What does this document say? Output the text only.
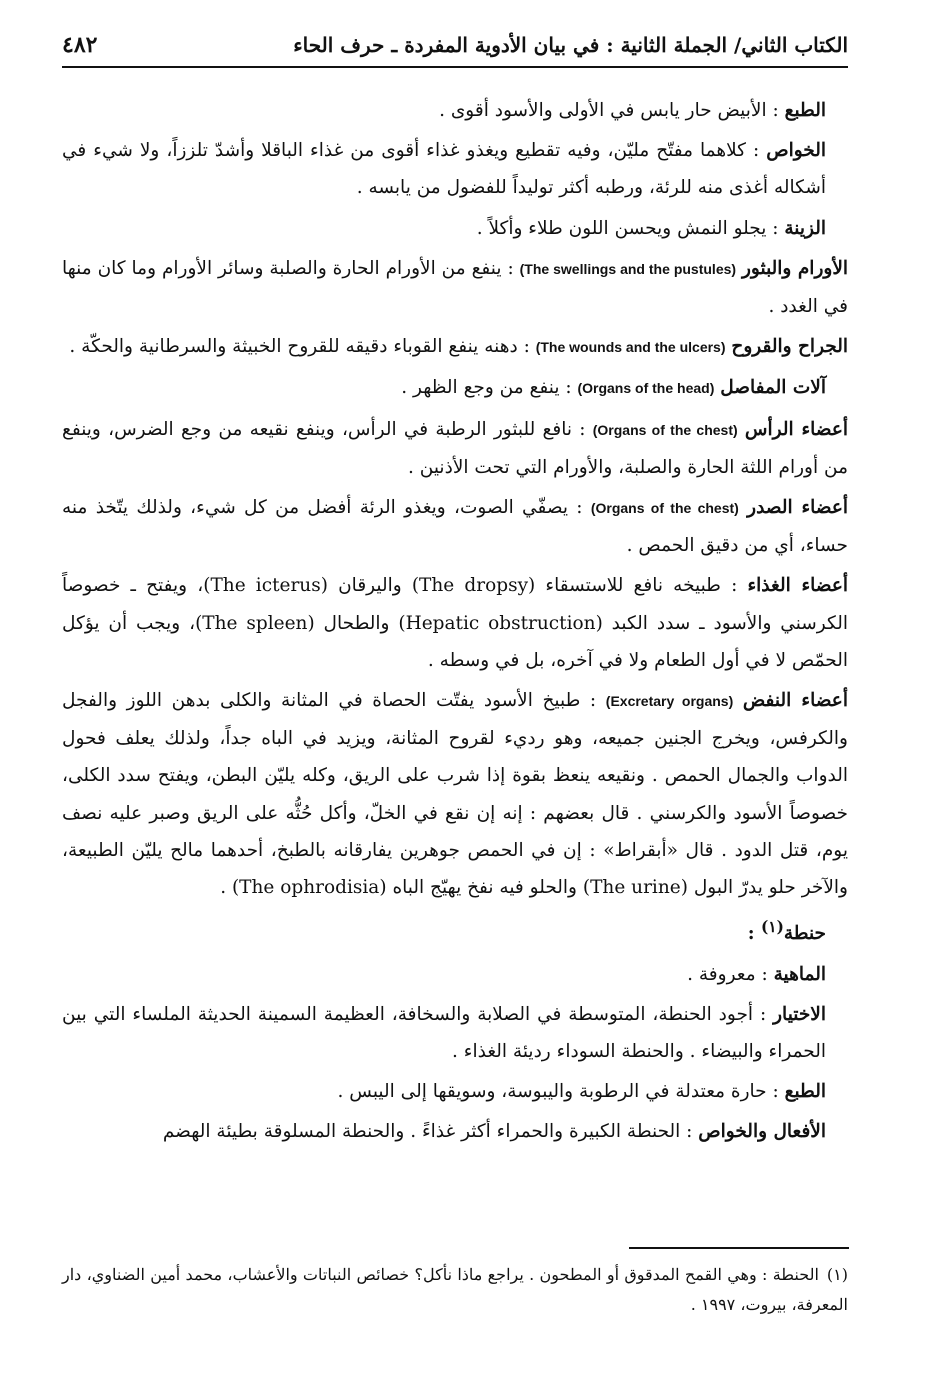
الكتاب الثاني/ الجملة الثانية : في بيان الأدوية المفردة ـ حرف الحاء
٤٨٢

الطبع : الأبيض حار يابس في الأولى والأسود أقوى .

الخواص : كلاهما مفتّح مليّن، وفيه تقطيع ويغذو غذاء أقوى من غذاء الباقلا وأشدّ تلززاً، ولا شيء في أشكاله أغذى منه للرئة، ورطبه أكثر توليداً للفضول من يابسه .

الزينة : يجلو النمش ويحسن اللون طلاء وأكلاً .

الأورام والبثور (The swellings and the pustules) : ينفع من الأورام الحارة والصلبة وسائر الأورام وما كان منها في الغدد .

الجراح والقروح (The wounds and the ulcers) : دهنه ينفع القوباء دقيقه للقروح الخبيثة والسرطانية والحكّة .

آلات المفاصل (Organs of the head) : ينفع من وجع الظهر .

أعضاء الرأس (Organs of the chest) : نافع للبثور الرطبة في الرأس، وينفع نقيعه من وجع الضرس، وينفع من أورام اللثة الحارة والصلبة، والأورام التي تحت الأذنين .

أعضاء الصدر (Organs of the chest) : يصفّي الصوت، ويغذو الرئة أفضل من كل شيء، ولذلك يتّخذ منه حساء، أي من دقيق الحمص .

أعضاء الغذاء : طبيخه نافع للاستسقاء (The dropsy) واليرقان (The icterus)، ويفتح ـ خصوصاً الكرسني والأسود ـ سدد الكبد (Hepatic obstruction) والطحال (The spleen)، ويجب أن يؤكل الحمّص لا في أول الطعام ولا في آخره، بل في وسطه .

أعضاء النفض (Excretary organs) : طبيخ الأسود يفتّت الحصاة في المثانة والكلى بدهن اللوز والفجل والكرفس، ويخرج الجنين جميعه، وهو رديء لقروح المثانة، ويزيد في الباه جداً، ولذلك يعلف فحول الدواب والجمال الحمص . ونقيعه ينعظ بقوة إذا شرب على الريق، وكله يليّن البطن، ويفتح سدد الكلى، خصوصاً الأسود والكرسني . قال بعضهم : إنه إن نقع في الخلّ، وأكل حُثُّه على الريق وصبر عليه نصف يوم، قتل الدود . قال «أبقراط» : إن في الحمص جوهرين يفارقانه بالطبخ، أحدهما مالح يليّن الطبيعة، والآخر حلو يدرّ البول (The urine) والحلو فيه نفخ يهيّج الباه (The ophrodisia) .

حنطة$^{(١)}$ :

الماهية : معروفة .

الاختيار : أجود الحنطة، المتوسطة في الصلابة والسخافة، العظيمة السمينة الحديثة الملساء التي بين الحمراء والبيضاء . والحنطة السوداء رديئة الغذاء .

الطبع : حارة معتدلة في الرطوبة واليبوسة، وسويقها إلى اليبس .

الأفعال والخواص : الحنطة الكبيرة والحمراء أكثر غذاءً . والحنطة المسلوقة بطيئة الهضم

(١)الحنطة : وهي القمح المدقوق أو المطحون . يراجع ماذا نأكل؟ خصائص النباتات والأعشاب، محمد أمين الضناوي، دار المعرفة، بيروت، ١٩٩٧ .
